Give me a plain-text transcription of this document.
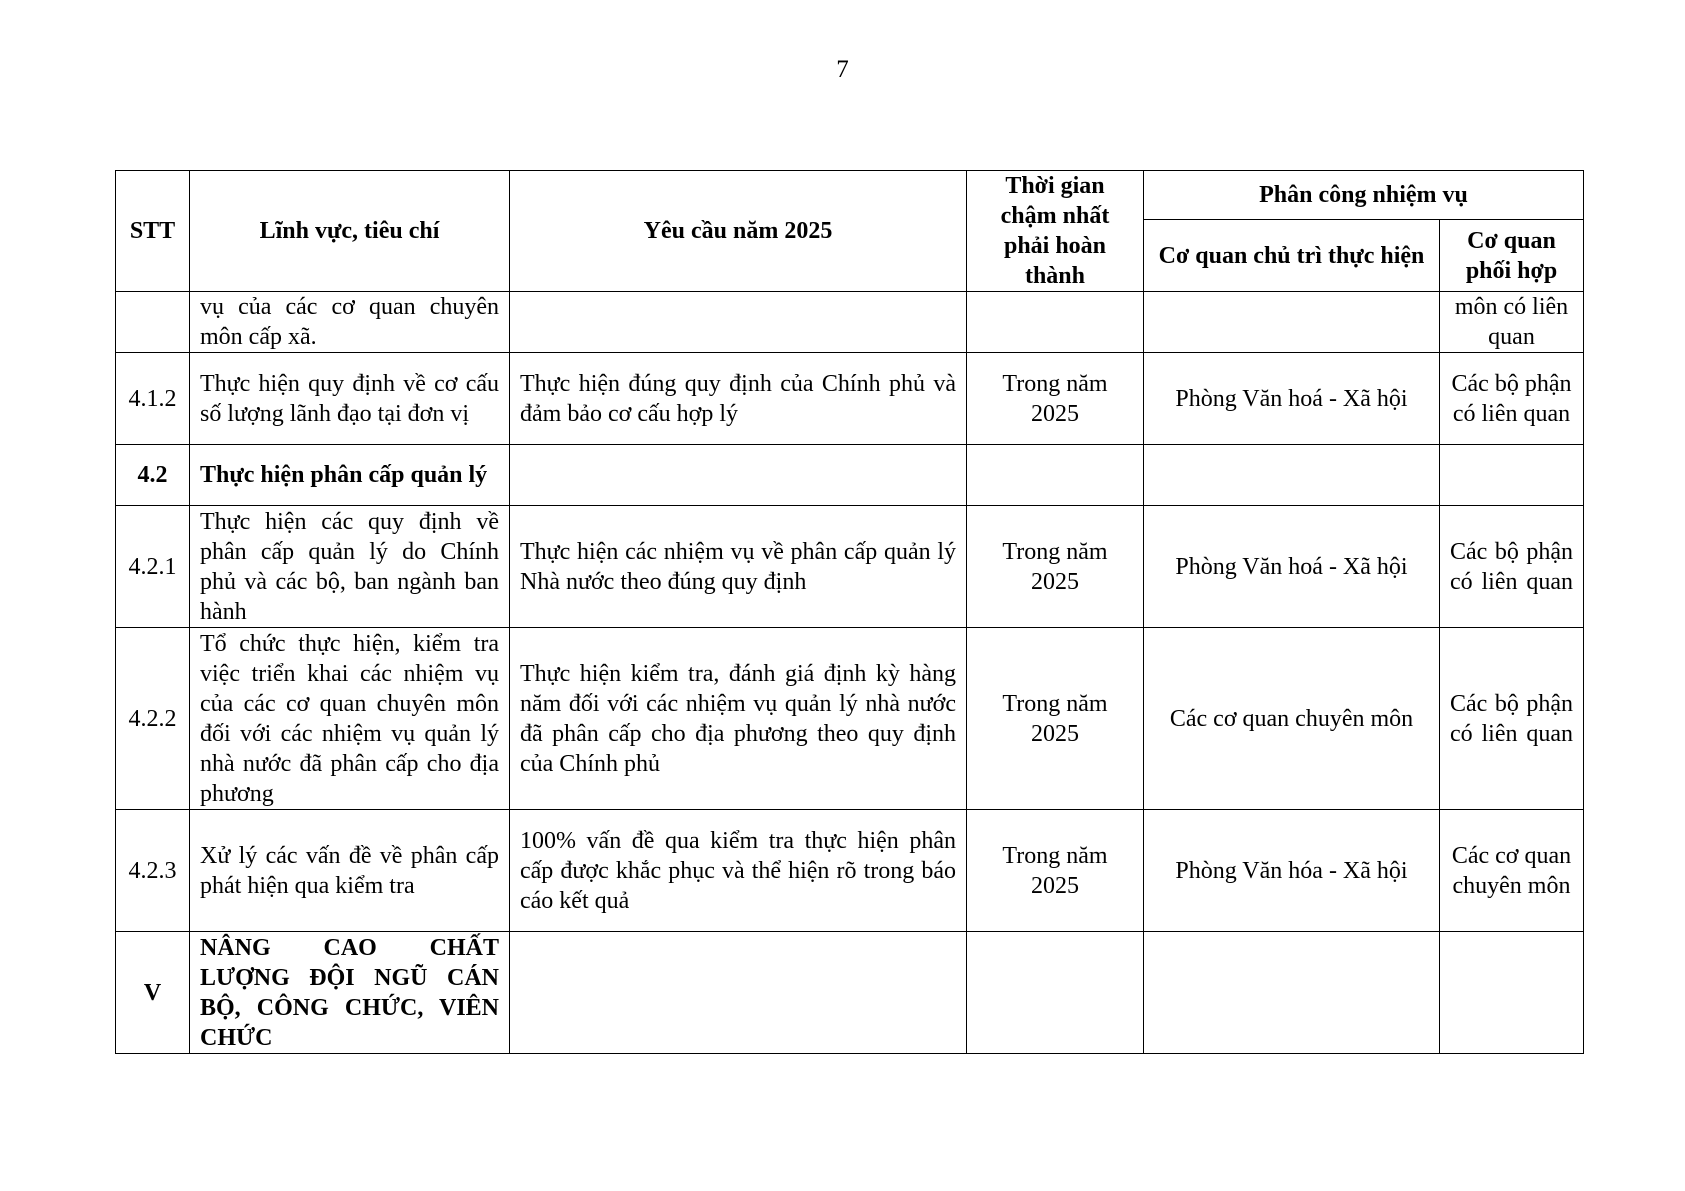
7
STT	Lĩnh vực, tiêu chí	Yêu cầu năm 2025	Thời gian chậm nhất phải hoàn thành	Phân công nhiệm vụ	
				Cơ quan chủ trì thực hiện	Cơ quan phối hợp
	vụ của các cơ quan chuyên môn cấp xã.				môn có liên quan
4.1.2	Thực hiện quy định về cơ cấu số lượng lãnh đạo tại đơn vị	Thực hiện đúng quy định của Chính phủ và đảm bảo cơ cấu hợp lý	Trong năm 2025	Phòng Văn hoá - Xã hội	Các bộ phận có liên quan
4.2	Thực hiện phân cấp quản lý				
4.2.1	Thực hiện các quy định về phân cấp quản lý do Chính phủ và các bộ, ban ngành ban hành	Thực hiện các nhiệm vụ về phân cấp quản lý Nhà nước theo đúng quy định	Trong năm 2025	Phòng Văn hoá - Xã hội	Các bộ phận có liên quan
4.2.2	Tổ chức thực hiện, kiểm tra việc triển khai các nhiệm vụ của các cơ quan chuyên môn đối với các nhiệm vụ quản lý nhà nước đã phân cấp cho địa phương	Thực hiện kiểm tra, đánh giá định kỳ hàng năm đối với các nhiệm vụ quản lý nhà nước đã phân cấp cho địa phương theo quy định của Chính phủ	Trong năm 2025	Các cơ quan chuyên môn	Các bộ phận có liên quan
4.2.3	Xử lý các vấn đề về phân cấp phát hiện qua kiểm tra	100% vấn đề qua kiểm tra thực hiện phân cấp được khắc phục và thể hiện rõ trong báo cáo kết quả	Trong năm 2025	Phòng Văn hóa - Xã hội	Các cơ quan chuyên môn
V	NÂNG CAO CHẤT LƯỢNG ĐỘI NGŨ CÁN BỘ, CÔNG CHỨC, VIÊN CHỨC				
